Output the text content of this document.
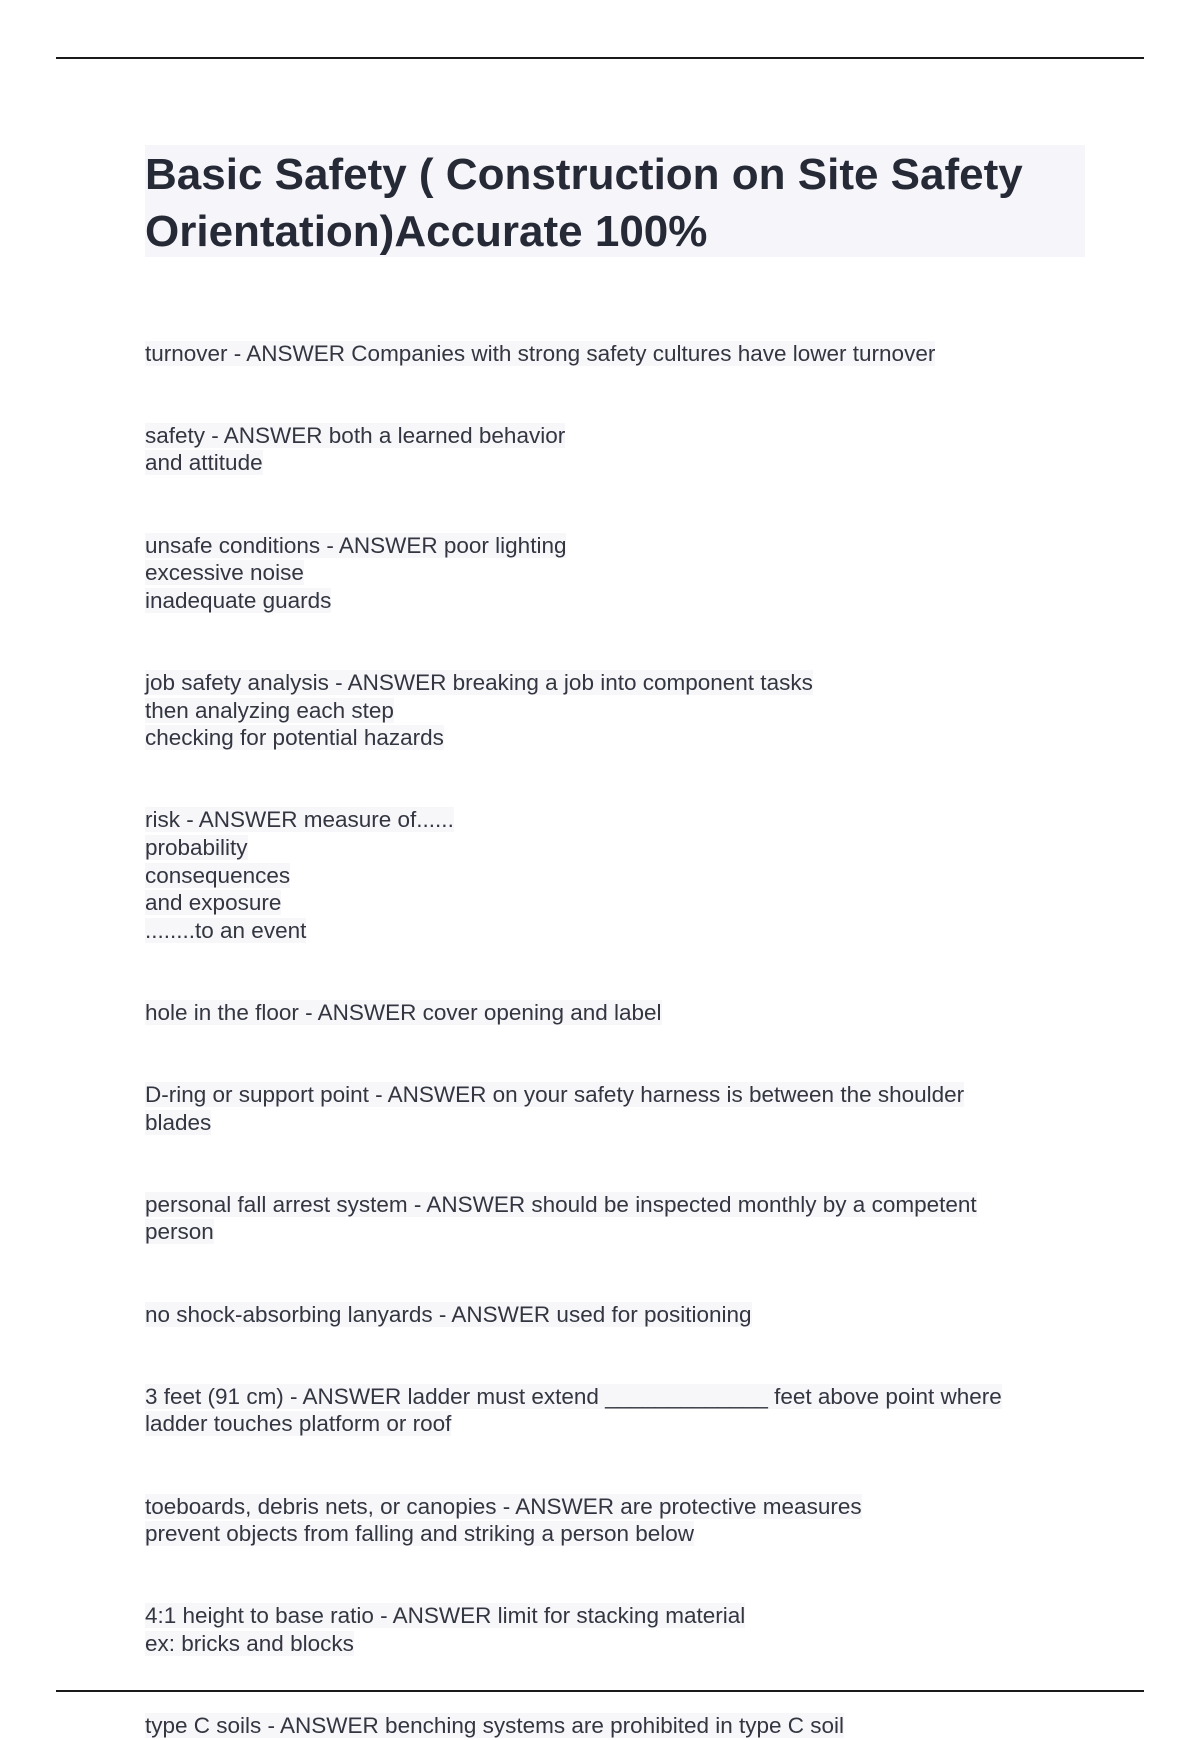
Basic Safety ( Construction on Site Safety Orientation)Accurate 100%

turnover - ANSWER Companies with strong safety cultures have lower turnover

safety - ANSWER both a learned behavior
and attitude

unsafe conditions - ANSWER poor lighting
excessive noise
inadequate guards

job safety analysis - ANSWER breaking a job into component tasks
then analyzing each step
checking for potential hazards

risk - ANSWER measure of......
probability
consequences
and exposure
........to an event

hole in the floor - ANSWER cover opening and label

D-ring or support point - ANSWER on your safety harness is between the shoulder
blades

personal fall arrest system - ANSWER should be inspected monthly by a competent
person

no shock-absorbing lanyards - ANSWER used for positioning

3 feet (91 cm) - ANSWER ladder must extend _____________ feet above point where
ladder touches platform or roof

toeboards, debris nets, or canopies - ANSWER are protective measures
prevent objects from falling and striking a person below

4:1 height to base ratio - ANSWER limit for stacking material
ex: bricks and blocks

type C soils - ANSWER benching systems are prohibited in type C soil
